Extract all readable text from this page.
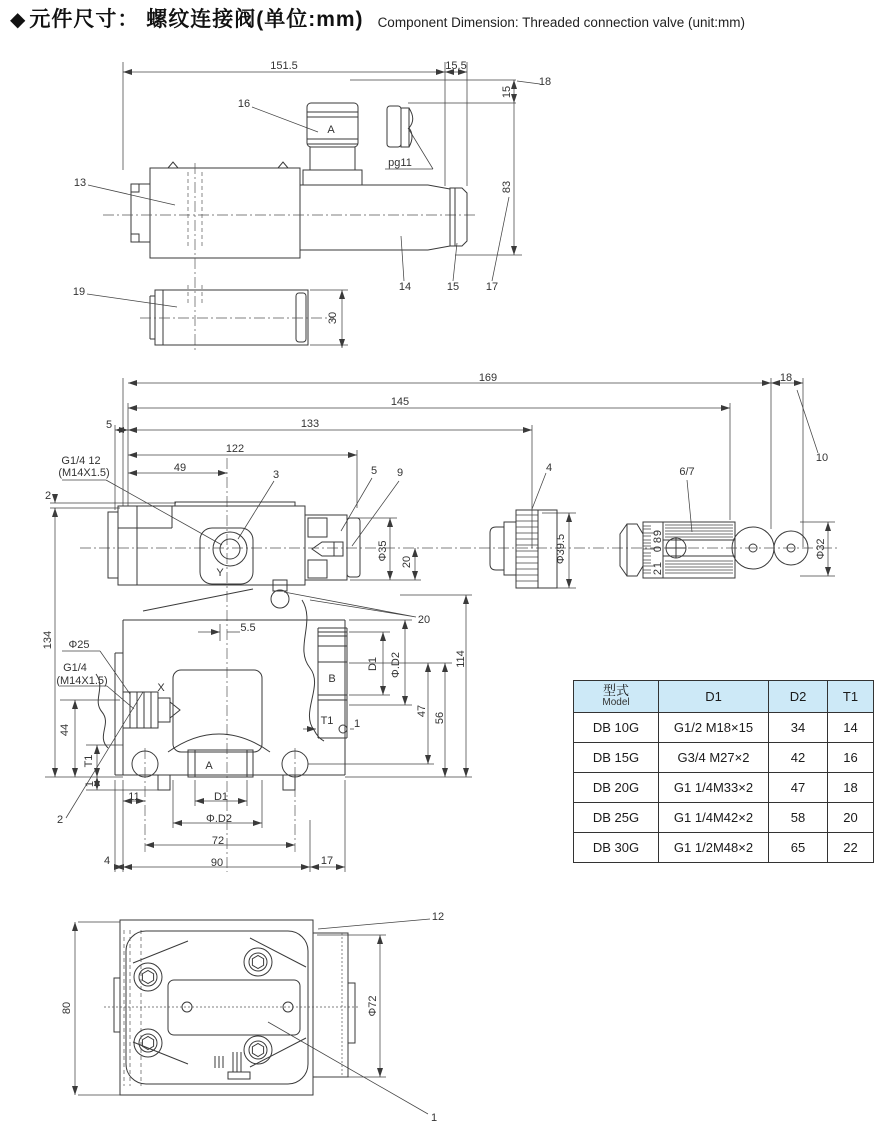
◆ 元件尺寸： 螺纹连接阀(单位:mm) Component Dimension: Threaded connection valve (unit:mm)
151.5	15.5
18
15
83
16
A
pg11
13
14	15 17
19
30
169	18
10
145
133
5
122
49
G1/4 12
(M14X1.5)	3	5 9	4	6/7
2
134
Y
Φ35
20	Φ39.5	Φ32
20
5.5
Φ25
G1/4
(M14X1.5)
X
B
D1 Φ.D2
47
56
114
44
T1
1
T1 1
2
A
11	D1
Φ.D2
72
90
4	17
9
8
0
1
2
80	Φ72
12
1
型式
Model	D1	D2	T1
DB 10G	G1/2 M18×15	34	14
DB 15G	G3/4 M27×2	42	16
DB 20G	G1 1/4M33×2	47	18
DB 25G	G1 1/4M42×2	58	20
DB 30G	G1 1/2M48×2	65	22
